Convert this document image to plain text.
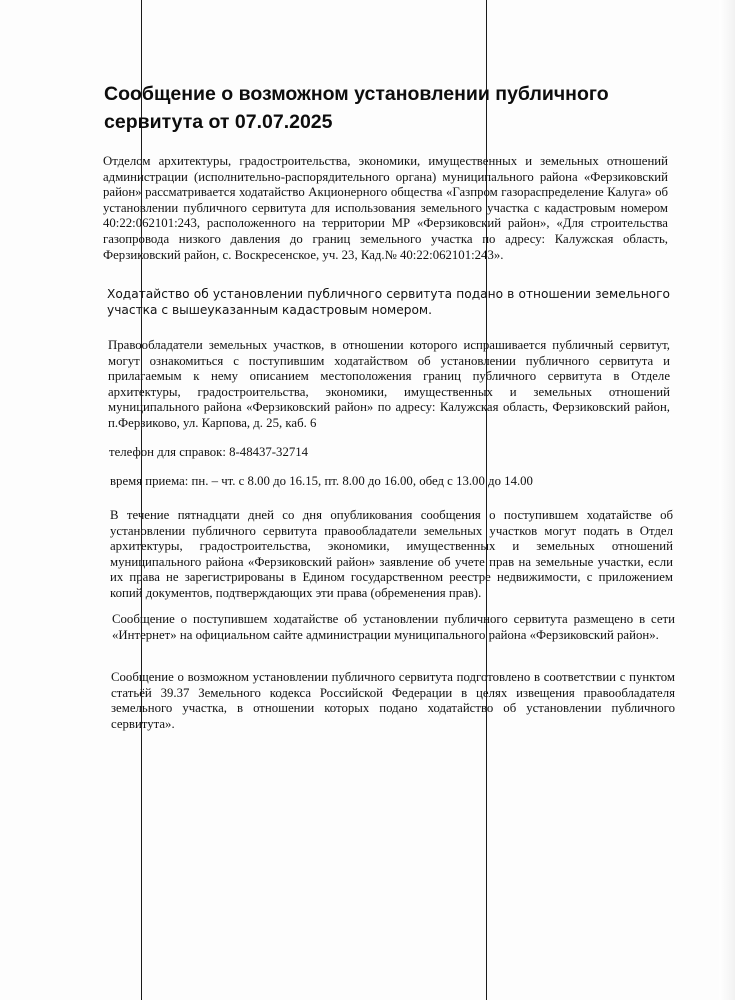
Сообщение о возможном установлении публичного сервитута от 07.07.2025

Отделом архитектуры, градостроительства, экономики, имущественных и земельных отношений администрации (исполнительно-распорядительного органа) муниципального района «Ферзиковский район» рассматривается ходатайство Акционерного общества «Газпром газораспределение Калуга» об установлении публичного сервитута для использования земельного участка с кадастровым номером 40:22:062101:243, расположенного на территории МР «Ферзиковский район», «Для строительства газопровода низкого давления до границ земельного участка по адресу: Калужская область, Ферзиковский район, с. Воскресенское, уч. 23, Кад.№ 40:22:062101:243».

Ходатайство об установлении публичного сервитута подано в отношении земельного участка с вышеуказанным кадастровым номером.

Правообладатели земельных участков, в отношении которого испрашивается публичный сервитут, могут ознакомиться с поступившим ходатайством об установлении публичного сервитута и прилагаемым к нему описанием местоположения границ публичного сервитута в Отделе архитектуры, градостроительства, экономики, имущественных и земельных отношений муниципального района «Ферзиковский район» по адресу: Калужская область, Ферзиковский район, п.Ферзиково, ул. Карпова, д. 25, каб. 6

телефон для справок: 8-48437-32714

время приема: пн. – чт. с 8.00 до 16.15, пт. 8.00 до 16.00, обед с 13.00 до 14.00

В течение пятнадцати дней со дня опубликования сообщения о поступившем ходатайстве об установлении публичного сервитута правообладатели земельных участков могут подать в Отдел архитектуры, градостроительства, экономики, имущественных и земельных отношений муниципального района «Ферзиковский район» заявление об учете прав на земельные участки, если их права не зарегистрированы в Едином государственном реестре недвижимости, с приложением копий документов, подтверждающих эти права (обременения прав).

Сообщение о поступившем ходатайстве об установлении публичного сервитута размещено в сети «Интернет» на официальном сайте администрации муниципального района «Ферзиковский район».

Сообщение о возможном установлении публичного сервитута подготовлено в соответствии с пунктом статьёй 39.37 Земельного кодекса Российской Федерации в целях извещения правообладателя земельного участка, в отношении которых подано ходатайство об установлении публичного сервитута».
